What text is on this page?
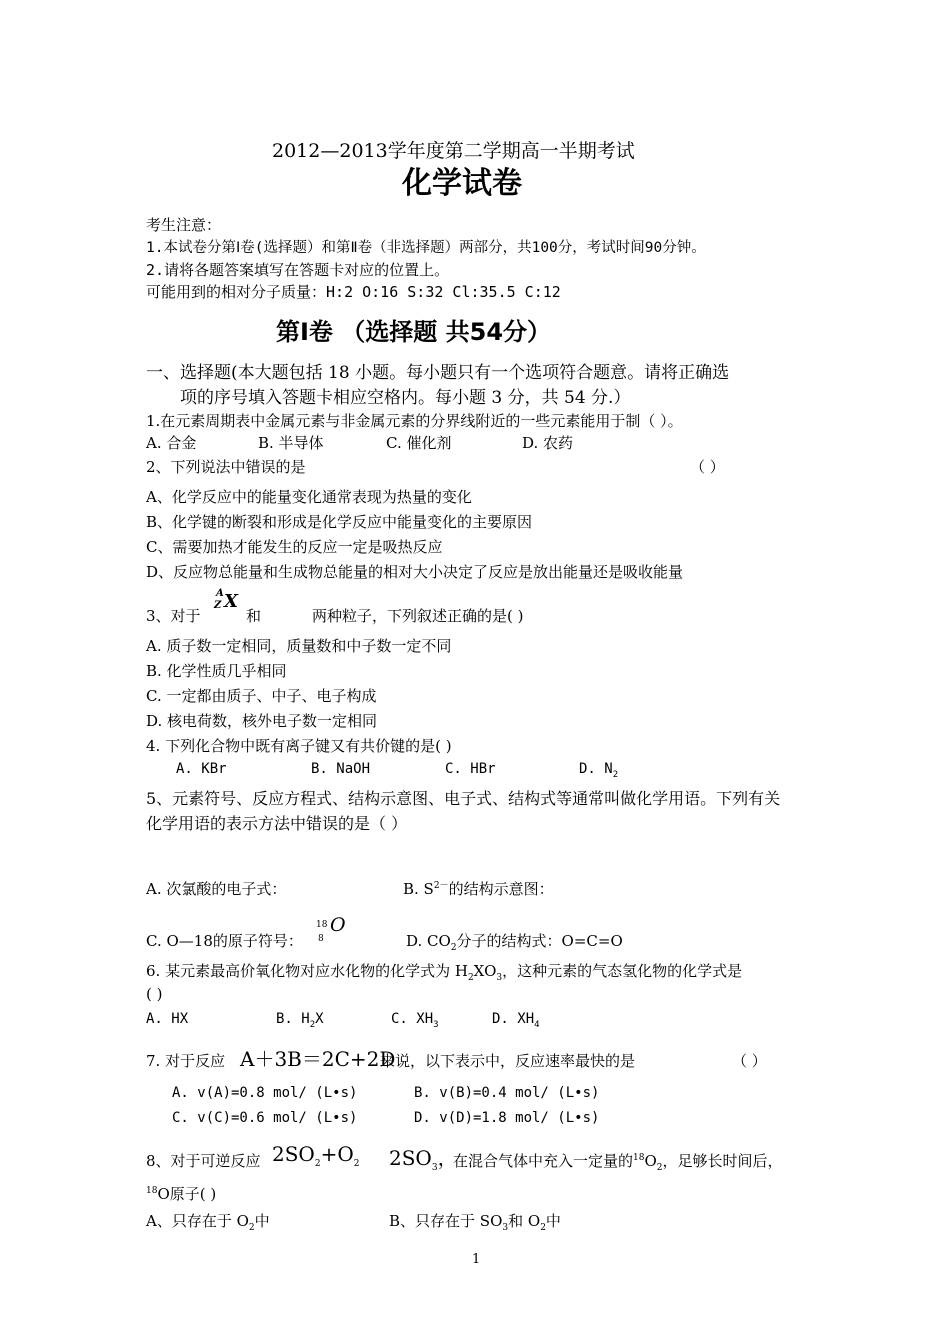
2012—2013学年度第二学期高一半期考试
化学试卷
考生注意：
1.本试卷分第Ⅰ卷(选择题）和第Ⅱ卷（非选择题）两部分，共100分，考试时间90分钟。
2.请将各题答案填写在答题卡对应的位置上。
可能用到的相对分子质量：H:2 O:16 S:32 Cl:35.5 C:12
第Ⅰ卷 （选择题 共54分）
一、选择题(本大题包括 18 小题。每小题只有一个选项符合题意。请将正确选
项的序号填入答题卡相应空格内。每小题 3 分，共 54 分.）
1.在元素周期表中金属元素与非金属元素的分界线附近的一些元素能用于制（ ）。
A. 合金	B. 半导体	C. 催化剂	D. 农药
2、下列说法中错误的是	（ ）
A、化学反应中的能量变化通常表现为热量的变化
B、化学键的断裂和形成是化学反应中能量变化的主要原因
C、需要加热才能发生的反应一定是吸热反应
D、反应物总能量和生成物总能量的相对大小决定了反应是放出能量还是吸收能量
3、对于
A
Z X
和	两种粒子，下列叙述正确的是( )
A. 质子数一定相同，质量数和中子数一定不同
B. 化学性质几乎相同
C. 一定都由质子、中子、电子构成
D. 核电荷数，核外电子数一定相同
4. 下列化合物中既有离子键又有共价键的是( )
A. KBr	B. NaOH	C. HBr	D. $N_2$
5、元素符号、反应方程式、结构示意图、电子式、结构式等通常叫做化学用语。下列有关
化学用语的表示方法中错误的是（ ）
A. 次氯酸的电子式：	B. $S^{2-}$的结构示意图：
C. O—18的原子符号：
18
8
O
D. $CO_2$分子的结构式：O=C=O
6. 某元素最高价氧化物对应水化物的化学式为 $H_2XO_3$，这种元素的气态氢化物的化学式是
( )
A. HX	B. $H_2X$	C. $XH_3$	D. $XH_4$
7. 对于反应 A＋3B＝2C+2D
来说，以下表示中，反应速率最快的是	（ ）
A. v(A)=0.8 mol/ (L•s)	B. v(B)=0.4 mol/ (L•s)
C. v(C)=0.6 mol/ (L•s)	D. v(D)=1.8 mol/ (L•s)
8、对于可逆反应 $2SO_2+O_2$ $2SO_3$，
在混合气体中充入一定量的$^{18}O_2$，足够长时间后，
$^{18}$O原子( )
A、只存在于 $O_2$中	B、只存在于 $SO_3$和 $O_2$中
1
